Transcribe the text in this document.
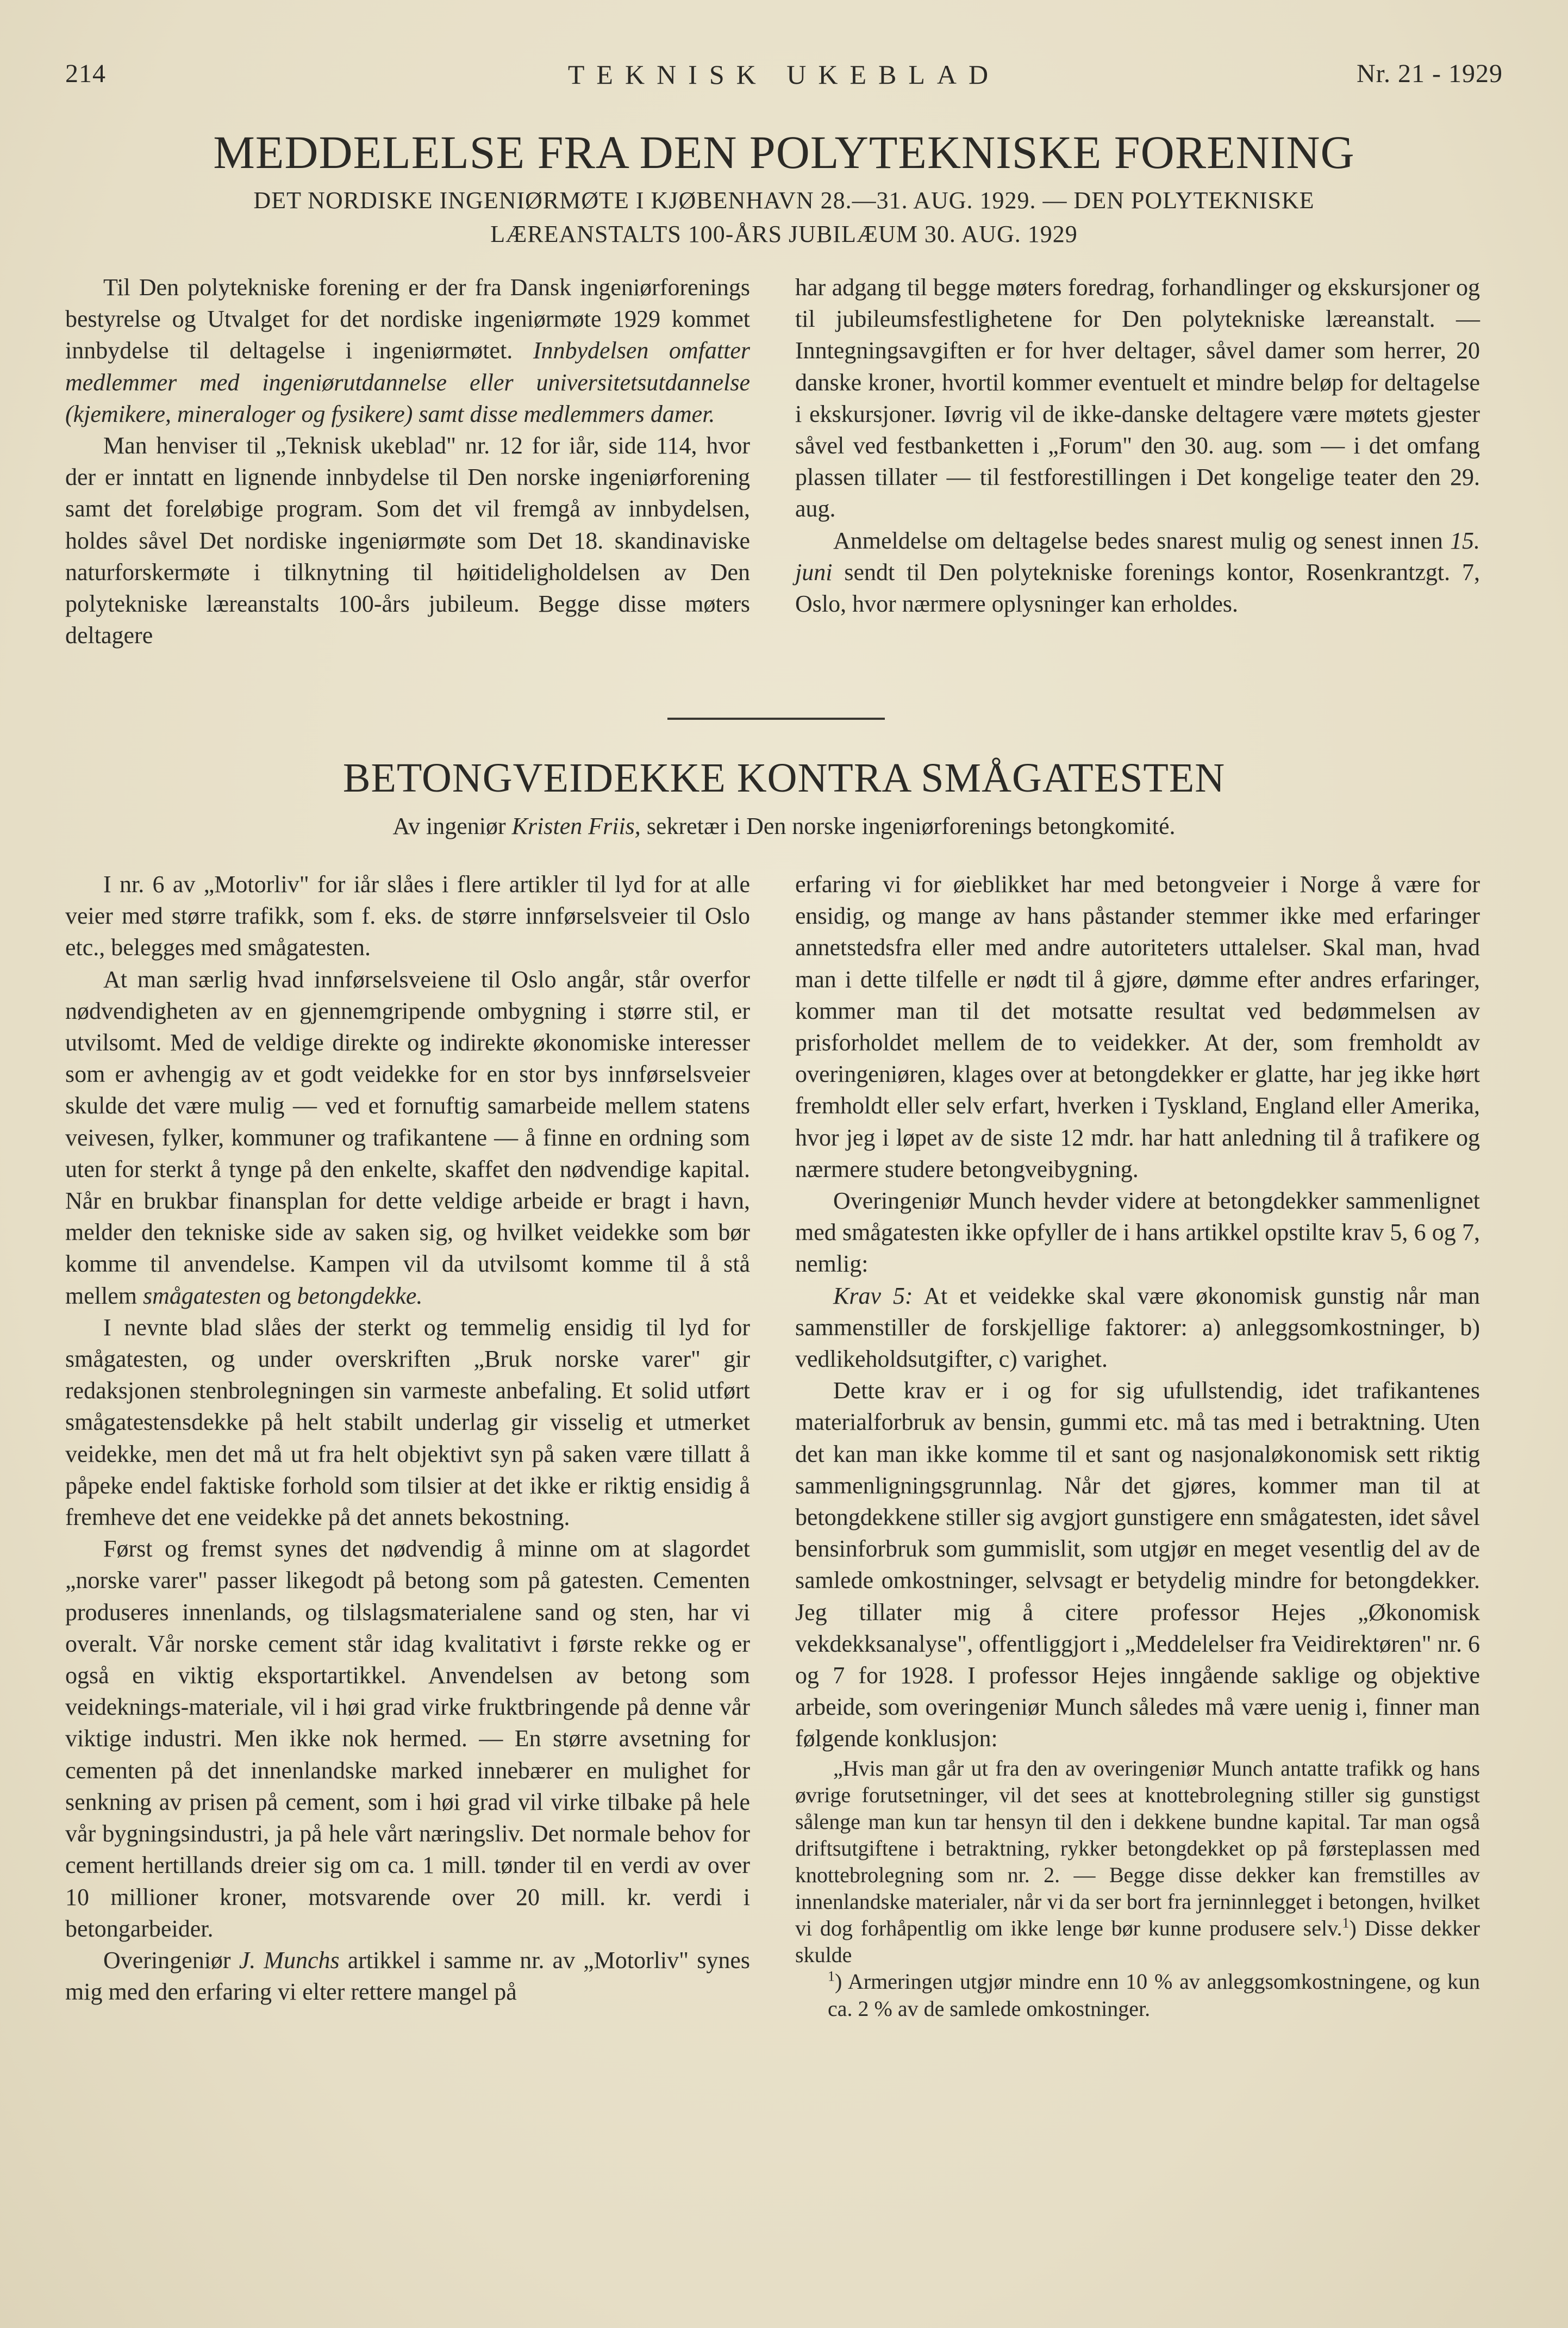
214	TEKNISK UKEBLAD	Nr. 21 - 1929
MEDDELELSE FRA DEN POLYTEKNISKE FORENING
DET NORDISKE INGENIØRMØTE I KJØBENHAVN 28.—31. AUG. 1929. — DEN POLYTEKNISKE
LÆREANSTALTS 100-ÅRS JUBILÆUM 30. AUG. 1929

Til Den polytekniske forening er der fra Dansk ingeniørforenings bestyrelse og Utvalget for det nordiske ingeniørmøte 1929 kommet innbydelse til deltagelse i ingeniørmøtet. Innbydelsen omfatter medlemmer med ingeniørutdannelse eller universitetsutdannelse (kjemikere, mineraloger og fysikere) samt disse medlemmers damer.

Man henviser til „Teknisk ukeblad" nr. 12 for iår, side 114, hvor der er inntatt en lignende innbydelse til Den norske ingeniørforening samt det foreløbige program. Som det vil fremgå av innbydelsen, holdes såvel Det nordiske ingeniørmøte som Det 18. skandinaviske naturforskermøte i tilknytning til høitideligholdelsen av Den polytekniske læreanstalts 100-års jubileum. Begge disse møters deltagere

har adgang til begge møters foredrag, forhandlinger og ekskursjoner og til jubileumsfestlighetene for Den polytekniske læreanstalt. — Inntegningsavgiften er for hver deltager, såvel damer som herrer, 20 danske kroner, hvortil kommer eventuelt et mindre beløp for deltagelse i ekskursjoner. Iøvrig vil de ikke-danske deltagere være møtets gjester såvel ved festbanketten i „Forum" den 30. aug. som — i det omfang plassen tillater — til festforestillingen i Det kongelige teater den 29. aug.

Anmeldelse om deltagelse bedes snarest mulig og senest innen 15. juni sendt til Den polytekniske forenings kontor, Rosenkrantzgt. 7, Oslo, hvor nærmere oplysninger kan erholdes.

BETONGVEIDEKKE KONTRA SMÅGATESTEN
Av ingeniør Kristen Friis, sekretær i Den norske ingeniørforenings betongkomité.

I nr. 6 av „Motorliv" for iår slåes i flere artikler til lyd for at alle veier med større trafikk, som f. eks. de større innførselsveier til Oslo etc., belegges med smågatesten.

At man særlig hvad innførselsveiene til Oslo angår, står overfor nødvendigheten av en gjennemgripende ombygning i større stil, er utvilsomt. Med de veldige direkte og indirekte økonomiske interesser som er avhengig av et godt veidekke for en stor bys innførselsveier skulde det være mulig — ved et fornuftig samarbeide mellem statens veivesen, fylker, kommuner og trafikantene — å finne en ordning som uten for sterkt å tynge på den enkelte, skaffet den nødvendige kapital. Når en brukbar finansplan for dette veldige arbeide er bragt i havn, melder den tekniske side av saken sig, og hvilket veidekke som bør komme til anvendelse. Kampen vil da utvilsomt komme til å stå mellem smågatesten og betongdekke.

I nevnte blad slåes der sterkt og temmelig ensidig til lyd for smågatesten, og under overskriften „Bruk norske varer" gir redaksjonen stenbrolegningen sin varmeste anbefaling. Et solid utført smågatestensdekke på helt stabilt underlag gir visselig et utmerket veidekke, men det må ut fra helt objektivt syn på saken være tillatt å påpeke endel faktiske forhold som tilsier at det ikke er riktig ensidig å fremheve det ene veidekke på det annets bekostning.

Først og fremst synes det nødvendig å minne om at slagordet „norske varer" passer likegodt på betong som på gatesten. Cementen produseres innenlands, og tilslagsmaterialene sand og sten, har vi overalt. Vår norske cement står idag kvalitativt i første rekke og er også en viktig eksportartikkel. Anvendelsen av betong som veideknings-materiale, vil i høi grad virke fruktbringende på denne vår viktige industri. Men ikke nok hermed. — En større avsetning for cementen på det innenlandske marked innebærer en mulighet for senkning av prisen på cement, som i høi grad vil virke tilbake på hele vår bygningsindustri, ja på hele vårt næringsliv. Det normale behov for cement hertillands dreier sig om ca. 1 mill. tønder til en verdi av over 10 millioner kroner, motsvarende over 20 mill. kr. verdi i betongarbeider.

Overingeniør J. Munchs artikkel i samme nr. av „Motorliv" synes mig med den erfaring vi elter rettere mangel på

erfaring vi for øieblikket har med betongveier i Norge å være for ensidig, og mange av hans påstander stemmer ikke med erfaringer annetstedsfra eller med andre autoriteters uttalelser. Skal man, hvad man i dette tilfelle er nødt til å gjøre, dømme efter andres erfaringer, kommer man til det motsatte resultat ved bedømmelsen av prisforholdet mellem de to veidekker. At der, som fremholdt av overingeniøren, klages over at betongdekker er glatte, har jeg ikke hørt fremholdt eller selv erfart, hverken i Tyskland, England eller Amerika, hvor jeg i løpet av de siste 12 mdr. har hatt anledning til å trafikere og nærmere studere betongveibygning.

Overingeniør Munch hevder videre at betongdekker sammenlignet med smågatesten ikke opfyller de i hans artikkel opstilte krav 5, 6 og 7, nemlig:

Krav 5: At et veidekke skal være økonomisk gunstig når man sammenstiller de forskjellige faktorer: a) anleggsomkostninger, b) vedlikeholdsutgifter, c) varighet.

Dette krav er i og for sig ufullstendig, idet trafikantenes materialforbruk av bensin, gummi etc. må tas med i betraktning. Uten det kan man ikke komme til et sant og nasjonaløkonomisk sett riktig sammenligningsgrunnlag. Når det gjøres, kommer man til at betongdekkene stiller sig avgjort gunstigere enn smågatesten, idet såvel bensinforbruk som gummislit, som utgjør en meget vesentlig del av de samlede omkostninger, selvsagt er betydelig mindre for betongdekker. Jeg tillater mig å citere professor Hejes „Økonomisk vekdekksanalyse", offentliggjort i „Meddelelser fra Veidirektøren" nr. 6 og 7 for 1928. I professor Hejes inngående saklige og objektive arbeide, som overingeniør Munch således må være uenig i, finner man følgende konklusjon:

„Hvis man går ut fra den av overingeniør Munch antatte trafikk og hans øvrige forutsetninger, vil det sees at knottebrolegning stiller sig gunstigst sålenge man kun tar hensyn til den i dekkene bundne kapital. Tar man også driftsutgiftene i betraktning, rykker betongdekket op på førsteplassen med knottebrolegning som nr. 2. — Begge disse dekker kan fremstilles av innenlandske materialer, når vi da ser bort fra jerninnlegget i betongen, hvilket vi dog forhåpentlig om ikke lenge bør kunne produsere selv.$^1$) Disse dekker skulde

$^1$) Armeringen utgjør mindre enn 10 % av anleggsomkostningene, og kun ca. 2 % av de samlede omkostninger.
